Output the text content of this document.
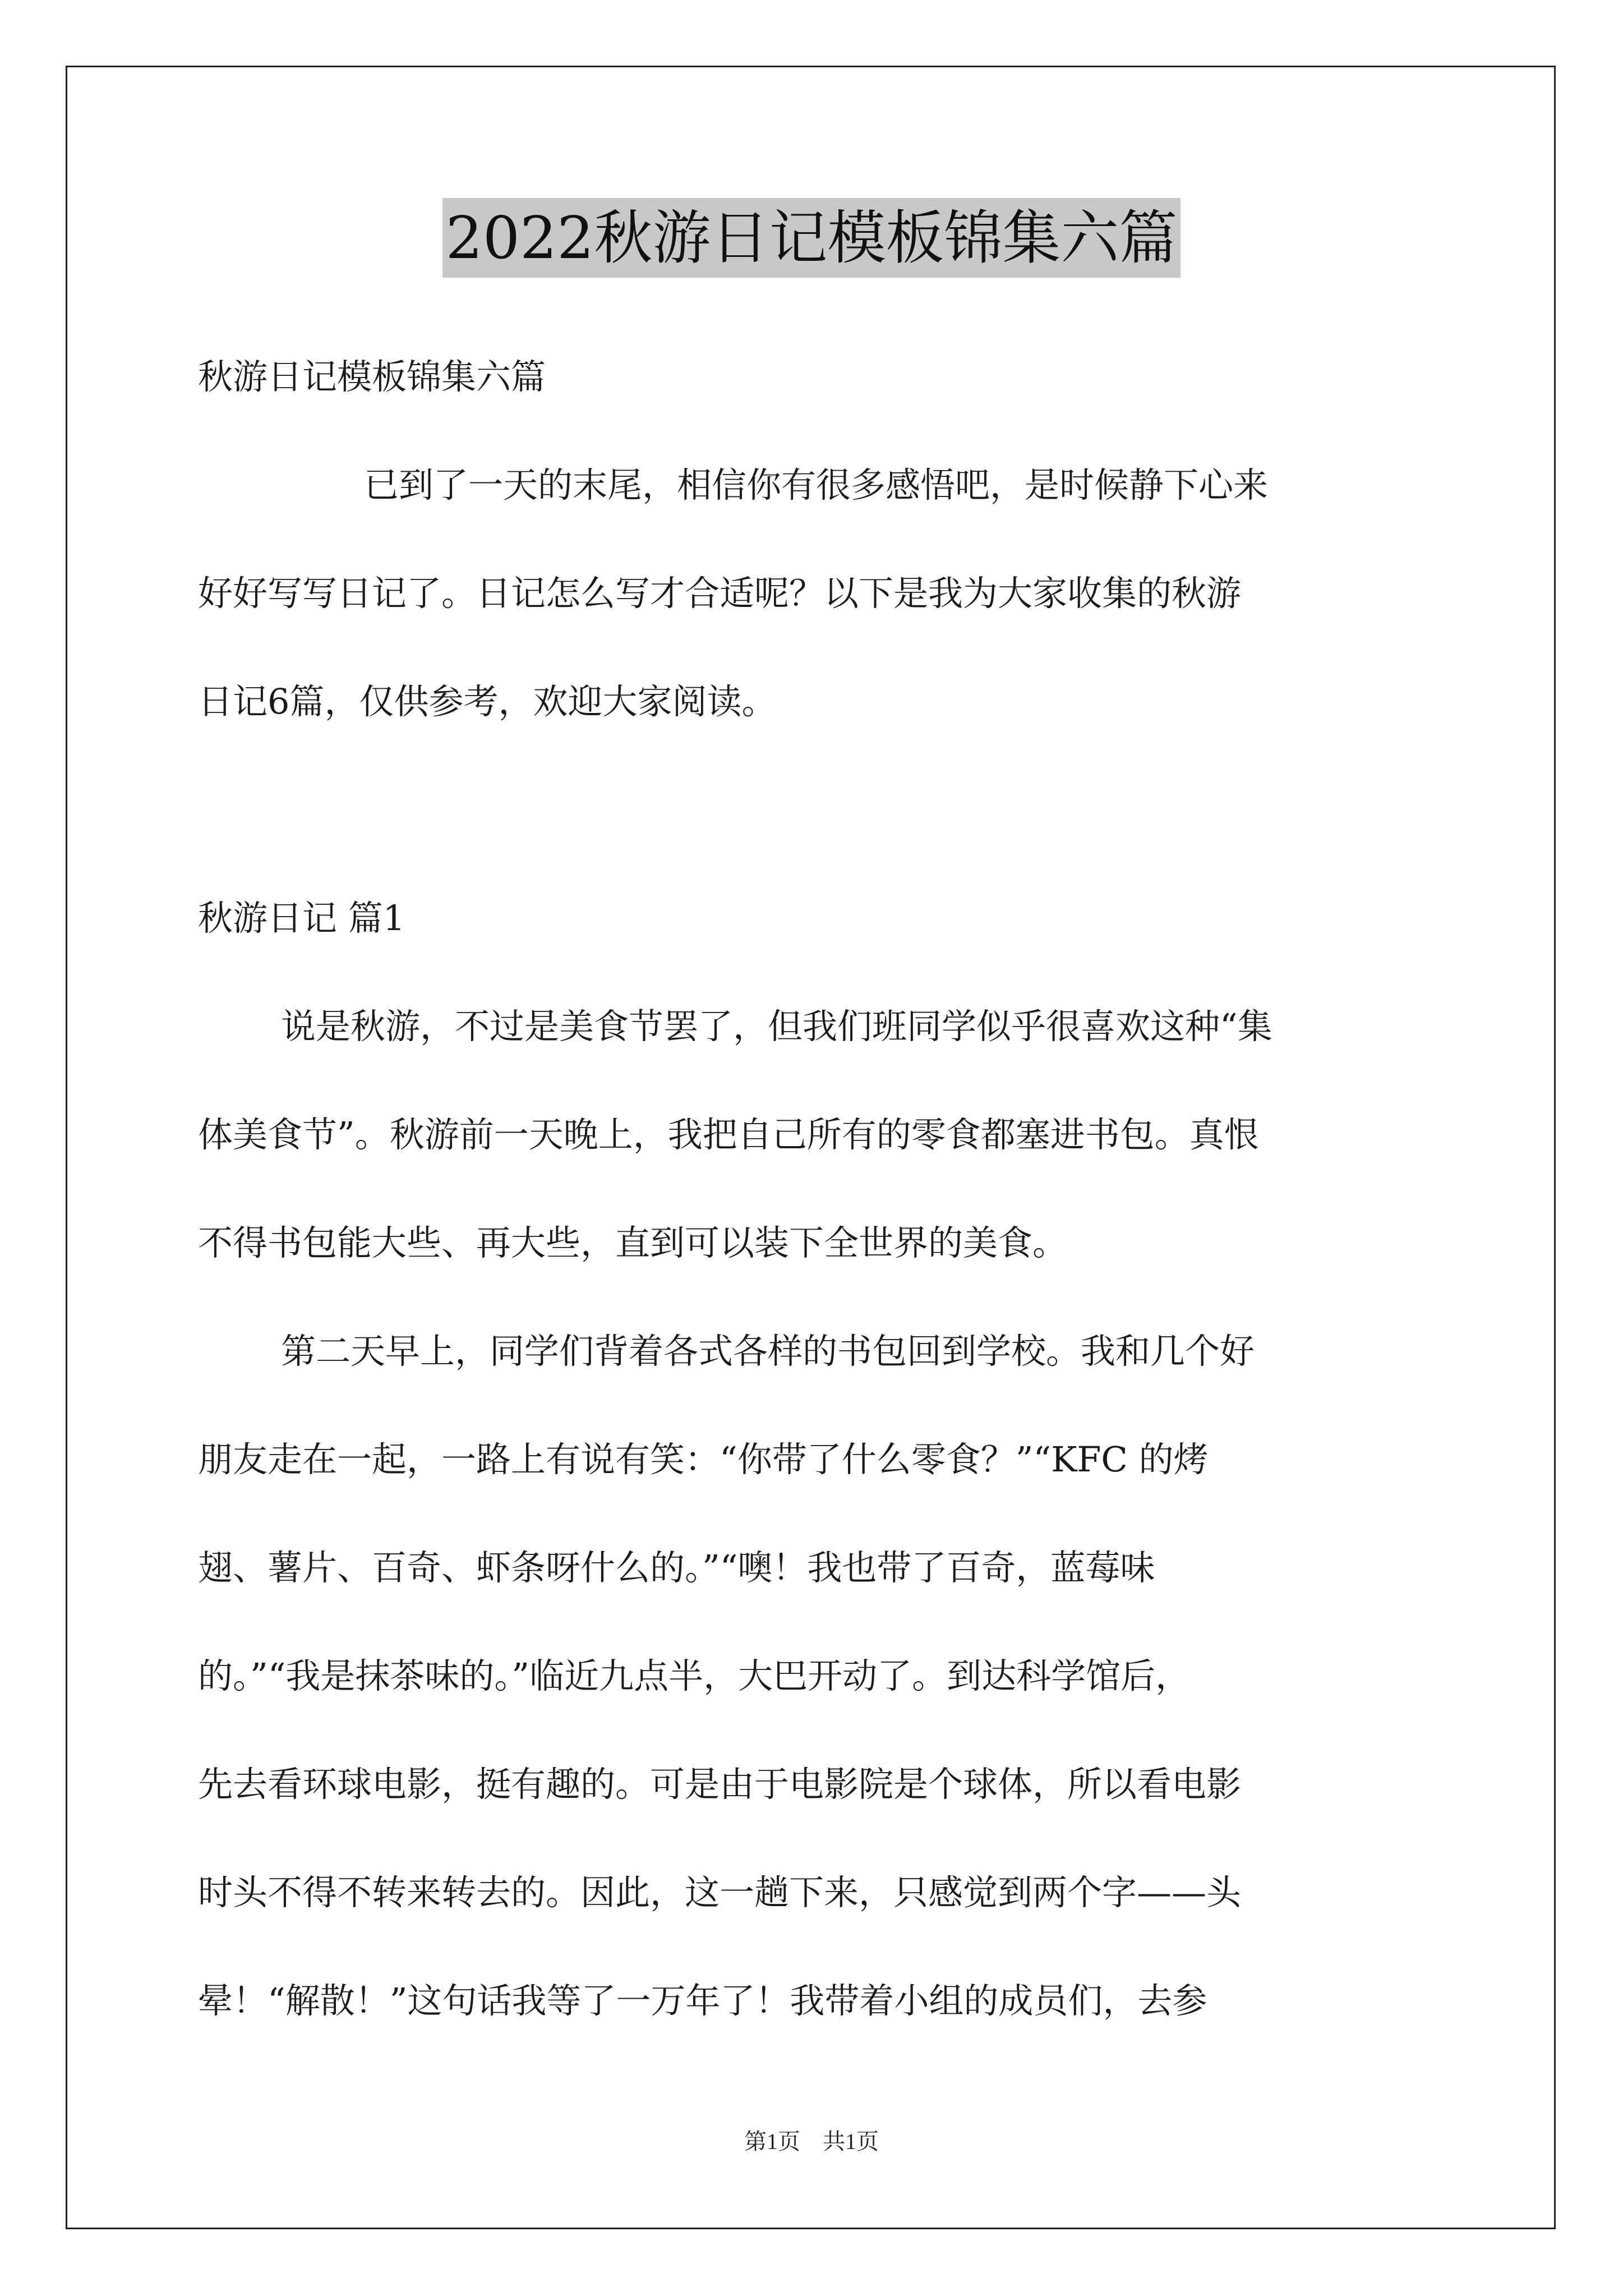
2022秋游日记模板锦集六篇
秋游日记模板锦集六篇
已到了一天的末尾，相信你有很多感悟吧，是时候静下心来
好好写写日记了。日记怎么写才合适呢？以下是我为大家收集的秋游
日记6篇，仅供参考，欢迎大家阅读。
秋游日记 篇1
说是秋游，不过是美食节罢了，但我们班同学似乎很喜欢这种“集
体美食节”。秋游前一天晚上，我把自己所有的零食都塞进书包。真恨
不得书包能大些、再大些，直到可以装下全世界的美食。
第二天早上，同学们背着各式各样的书包回到学校。我和几个好
朋友走在一起，一路上有说有笑：“你带了什么零食？”“KFC 的烤
翅、薯片、百奇、虾条呀什么的。”“噢！我也带了百奇，蓝莓味
的。”“我是抹茶味的。”临近九点半，大巴开动了。到达科学馆后，
先去看环球电影，挺有趣的。可是由于电影院是个球体，所以看电影
时头不得不转来转去的。因此，这一趟下来，只感觉到两个字——头
晕！“解散！”这句话我等了一万年了！我带着小组的成员们，去参
第1页　共1页
